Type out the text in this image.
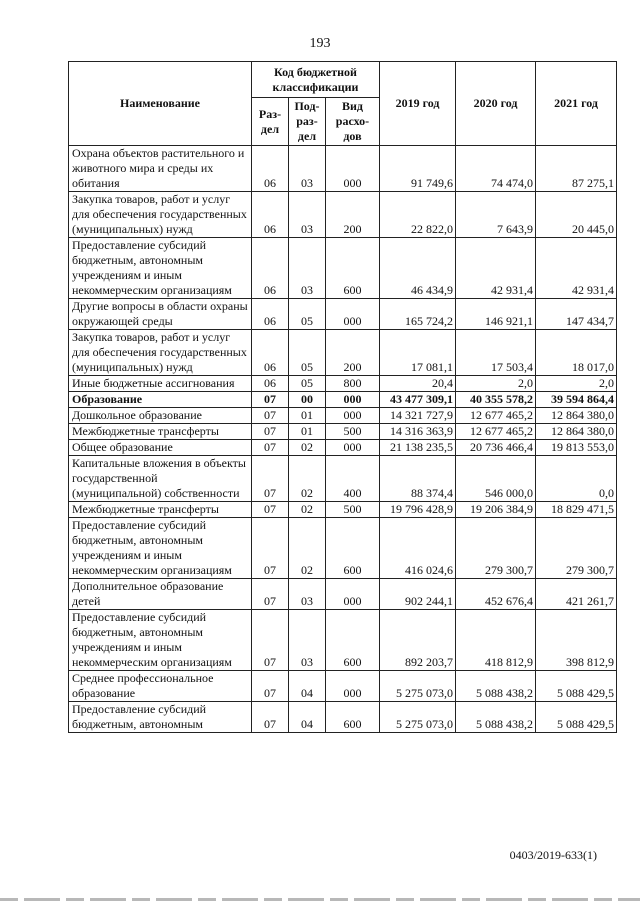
193
Наименование	Код бюджетной классификации			2019 год	2020 год	2021 год
	Раз-дел	Под-раз-дел	Вид расхо-дов			
Охрана объектов растительного и животного мира и среды их обитания	06	03	000	91 749,6	74 474,0	87 275,1
Закупка товаров, работ и услуг для обеспечения государственных (муниципальных) нужд	06	03	200	22 822,0	7 643,9	20 445,0
Предоставление субсидий бюджетным, автономным учреждениям и иным некоммерческим организациям	06	03	600	46 434,9	42 931,4	42 931,4
Другие вопросы в области охраны окружающей среды	06	05	000	165 724,2	146 921,1	147 434,7
Закупка товаров, работ и услуг для обеспечения государственных (муниципальных) нужд	06	05	200	17 081,1	17 503,4	18 017,0
Иные бюджетные ассигнования	06	05	800	20,4	2,0	2,0
Образование	07	00	000	43 477 309,1	40 355 578,2	39 594 864,4
Дошкольное образование	07	01	000	14 321 727,9	12 677 465,2	12 864 380,0
Межбюджетные трансферты	07	01	500	14 316 363,9	12 677 465,2	12 864 380,0
Общее образование	07	02	000	21 138 235,5	20 736 466,4	19 813 553,0
Капитальные вложения в объекты государственной (муниципальной) собственности	07	02	400	88 374,4	546 000,0	0,0
Межбюджетные трансферты	07	02	500	19 796 428,9	19 206 384,9	18 829 471,5
Предоставление субсидий бюджетным, автономным учреждениям и иным некоммерческим организациям	07	02	600	416 024,6	279 300,7	279 300,7
Дополнительное образование детей	07	03	000	902 244,1	452 676,4	421 261,7
Предоставление субсидий бюджетным, автономным учреждениям и иным некоммерческим организациям	07	03	600	892 203,7	418 812,9	398 812,9
Среднее профессиональное образование	07	04	000	5 275 073,0	5 088 438,2	5 088 429,5
Предоставление субсидий бюджетным, автономным	07	04	600	5 275 073,0	5 088 438,2	5 088 429,5
0403/2019-633(1)
